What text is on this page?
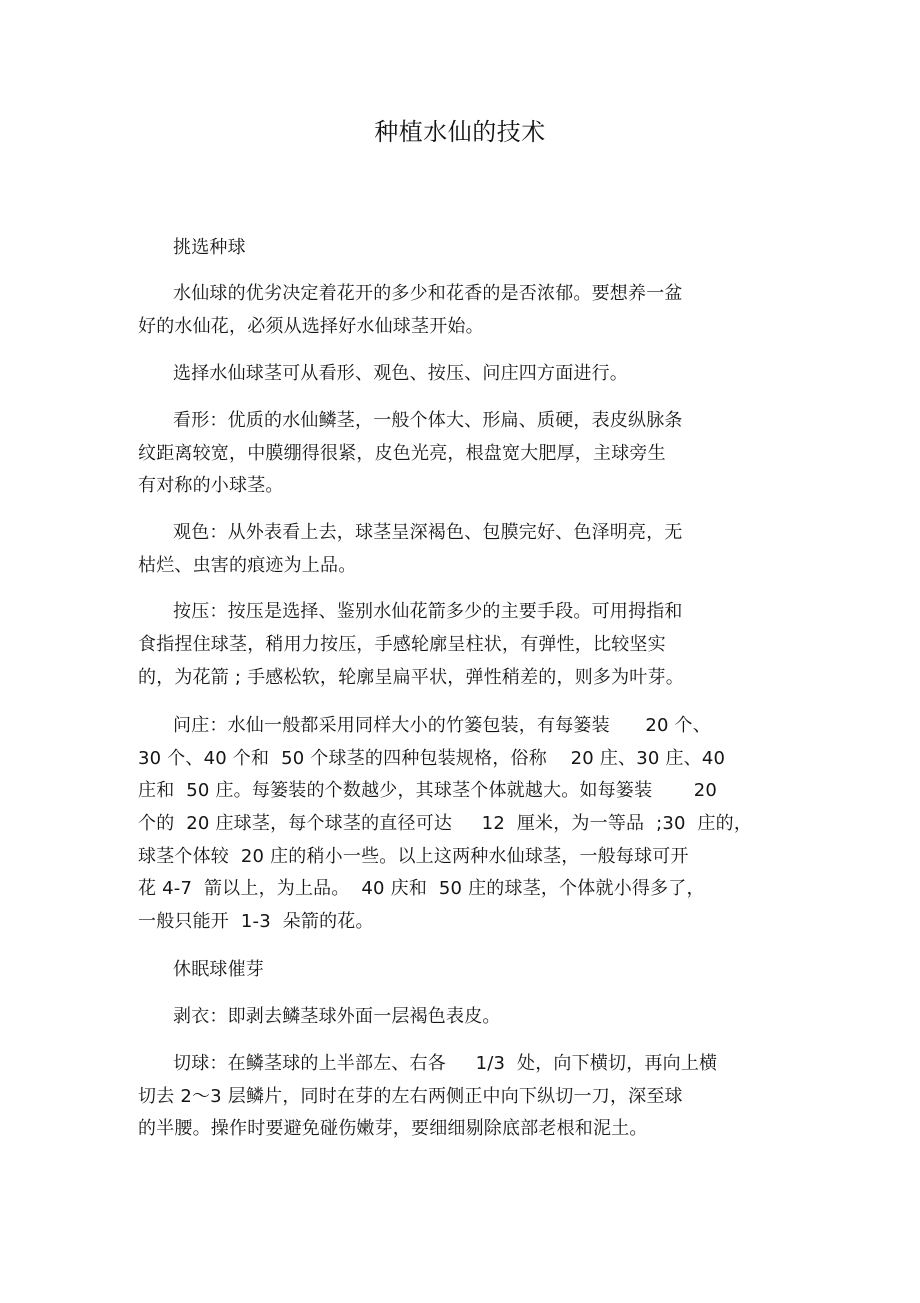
种植水仙的技术
挑选种球
水仙球的优劣决定着花开的多少和花香的是否浓郁。要想养一盆
好的水仙花，必须从选择好水仙球茎开始。
选择水仙球茎可从看形、观色、按压、问庄四方面进行。
看形：优质的水仙鳞茎，一般个体大、形扁、质硬，表皮纵脉条
纹距离较宽，中膜绷得很紧，皮色光亮，根盘宽大肥厚，主球旁生
有对称的小球茎。
观色：从外表看上去，球茎呈深褐色、包膜完好、色泽明亮，无
枯烂、虫害的痕迹为上品。
按压：按压是选择、鉴别水仙花箭多少的主要手段。可用拇指和
食指捏住球茎，稍用力按压，手感轮廓呈柱状，有弹性，比较坚实
的，为花箭 ; 手感松软，轮廓呈扁平状，弹性稍差的，则多为叶芽。
问庄：水仙一般都采用同样大小的竹篓包装，有每篓装      20 个、
30 个、40 个和  50 个球茎的四种包装规格，俗称    20 庄、30 庄、40
庄和  50 庄。每篓装的个数越少，其球茎个体就越大。如每篓装       20
个的  20 庄球茎，每个球茎的直径可达     12  厘米，为一等品  ;30  庄的，
球茎个体较  20 庄的稍小一些。以上这两种水仙球茎，一般每球可开
花 4-7  箭以上，为上品。  40 庆和  50 庄的球茎，个体就小得多了，
一般只能开  1-3  朵箭的花。
休眠球催芽
剥衣：即剥去鳞茎球外面一层褐色表皮。
切球：在鳞茎球的上半部左、右各     1/3  处，向下横切，再向上横
切去 2～3 层鳞片，同时在芽的左右两侧正中向下纵切一刀，深至球
的半腰。操作时要避免碰伤嫩芽，要细细剔除底部老根和泥土。
